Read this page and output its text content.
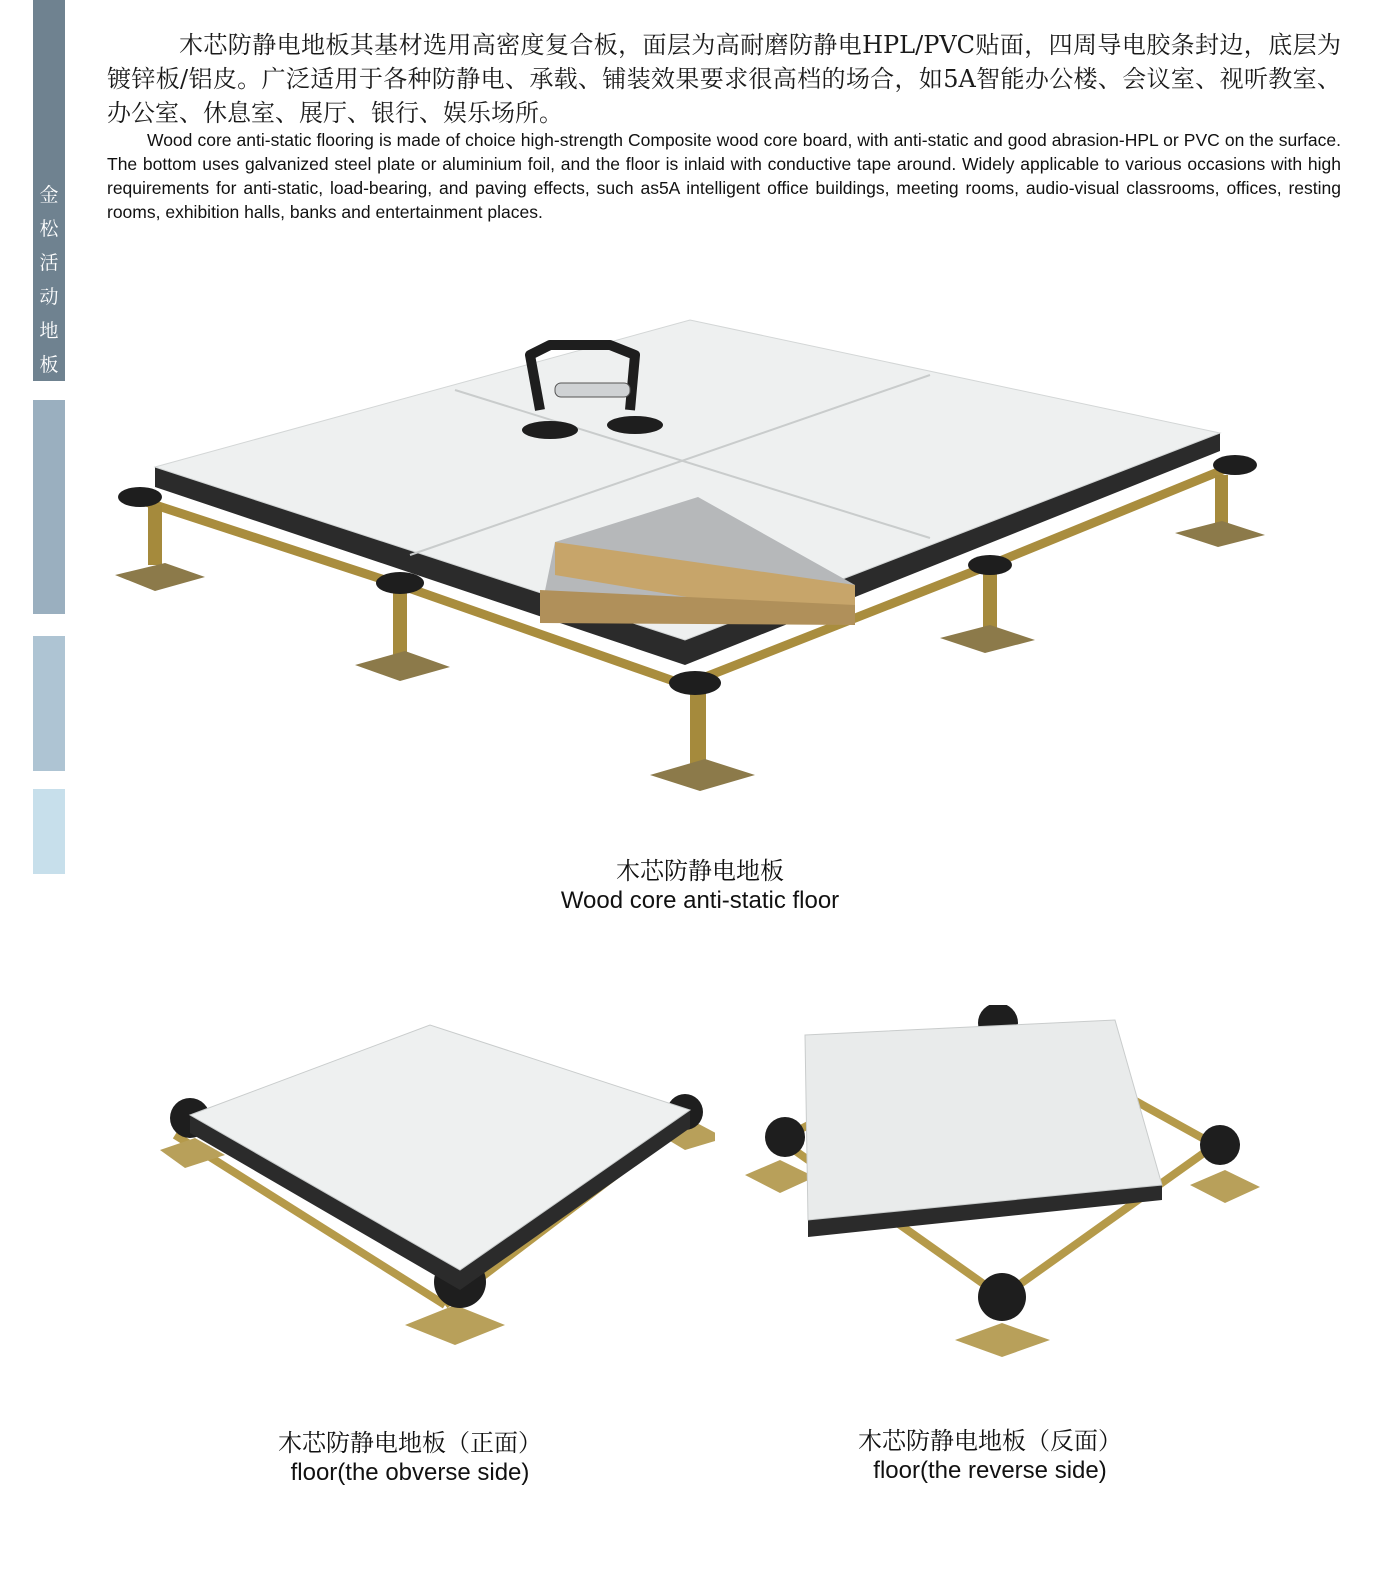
金
松
活
动
地
板

木芯防静电地板其基材选用高密度复合板，面层为高耐磨防静电HPL/PVC贴面，四周导电胶条封边，底层为镀锌板/铝皮。广泛适用于各种防静电、承载、铺装效果要求很高档的场合，如5A智能办公楼、会议室、视听教室、办公室、休息室、展厅、银行、娱乐场所。

Wood core anti-static flooring is made of choice high-strength Composite wood core board, with anti-static and good abrasion-HPL or PVC on the surface. The bottom uses galvanized steel plate or aluminium foil, and the floor is inlaid with conductive tape around. Widely applicable to various occasions with high requirements for anti-static, load-bearing, and paving effects, such as5A intelligent office buildings, meeting rooms, audio-visual classrooms, offices, resting rooms, exhibition halls, banks and entertainment places.

木芯防静电地板
Wood core anti-static floor
木芯防静电地板（正面）
floor(the obverse side)
木芯防静电地板（反面）
floor(the reverse side)
